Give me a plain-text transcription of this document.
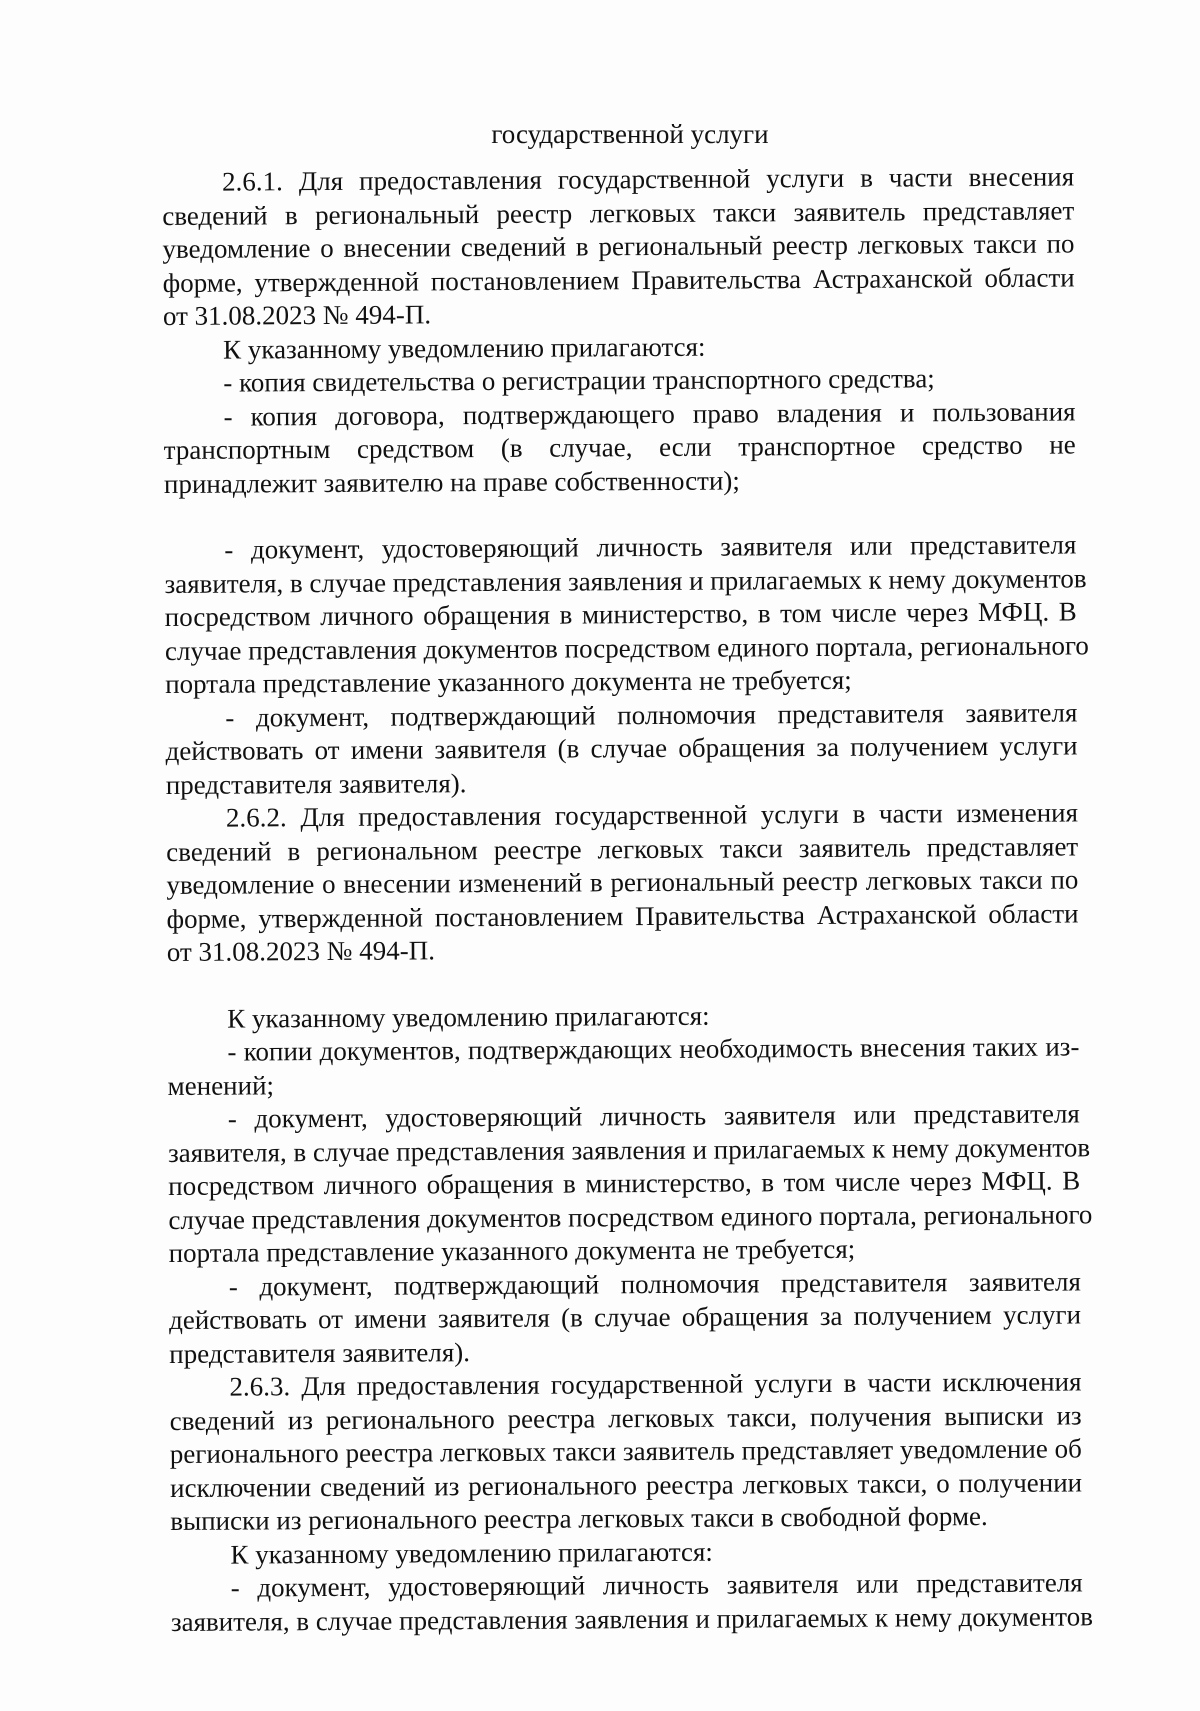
государственной услуги
2.6.1. Для предоставления государственной услуги в части внесения
сведений в региональный реестр легковых такси заявитель представляет
уведомление о внесении сведений в региональный реестр легковых такси по
форме, утвержденной постановлением Правительства Астраханской области
от 31.08.2023 № 494-П.
К указанному уведомлению прилагаются:
- копия свидетельства о регистрации транспортного средства;
- копия договора, подтверждающего право владения и пользования
транспортным средством (в случае, если транспортное средство не
принадлежит заявителю на праве собственности);
- документ, удостоверяющий личность заявителя или представителя
заявителя, в случае представления заявления и прилагаемых к нему документов
посредством личного обращения в министерство, в том числе через МФЦ. В
случае представления документов посредством единого портала, регионального
портала представление указанного документа не требуется;
- документ, подтверждающий полномочия представителя заявителя
действовать от имени заявителя (в случае обращения за получением услуги
представителя заявителя).
2.6.2. Для предоставления государственной услуги в части изменения
сведений в региональном реестре легковых такси заявитель представляет
уведомление о внесении изменений в региональный реестр легковых такси по
форме, утвержденной постановлением Правительства Астраханской области
от 31.08.2023 № 494-П.
К указанному уведомлению прилагаются:
- копии документов, подтверждающих необходимость внесения таких из-
менений;
- документ, удостоверяющий личность заявителя или представителя
заявителя, в случае представления заявления и прилагаемых к нему документов
посредством личного обращения в министерство, в том числе через МФЦ. В
случае представления документов посредством единого портала, регионального
портала представление указанного документа не требуется;
- документ, подтверждающий полномочия представителя заявителя
действовать от имени заявителя (в случае обращения за получением услуги
представителя заявителя).
2.6.3. Для предоставления государственной услуги в части исключения
сведений из регионального реестра легковых такси, получения выписки из
регионального реестра легковых такси заявитель представляет уведомление об
исключении сведений из регионального реестра легковых такси, о получении
выписки из регионального реестра легковых такси в свободной форме.
К указанному уведомлению прилагаются:
- документ, удостоверяющий личность заявителя или представителя
заявителя, в случае представления заявления и прилагаемых к нему документов
